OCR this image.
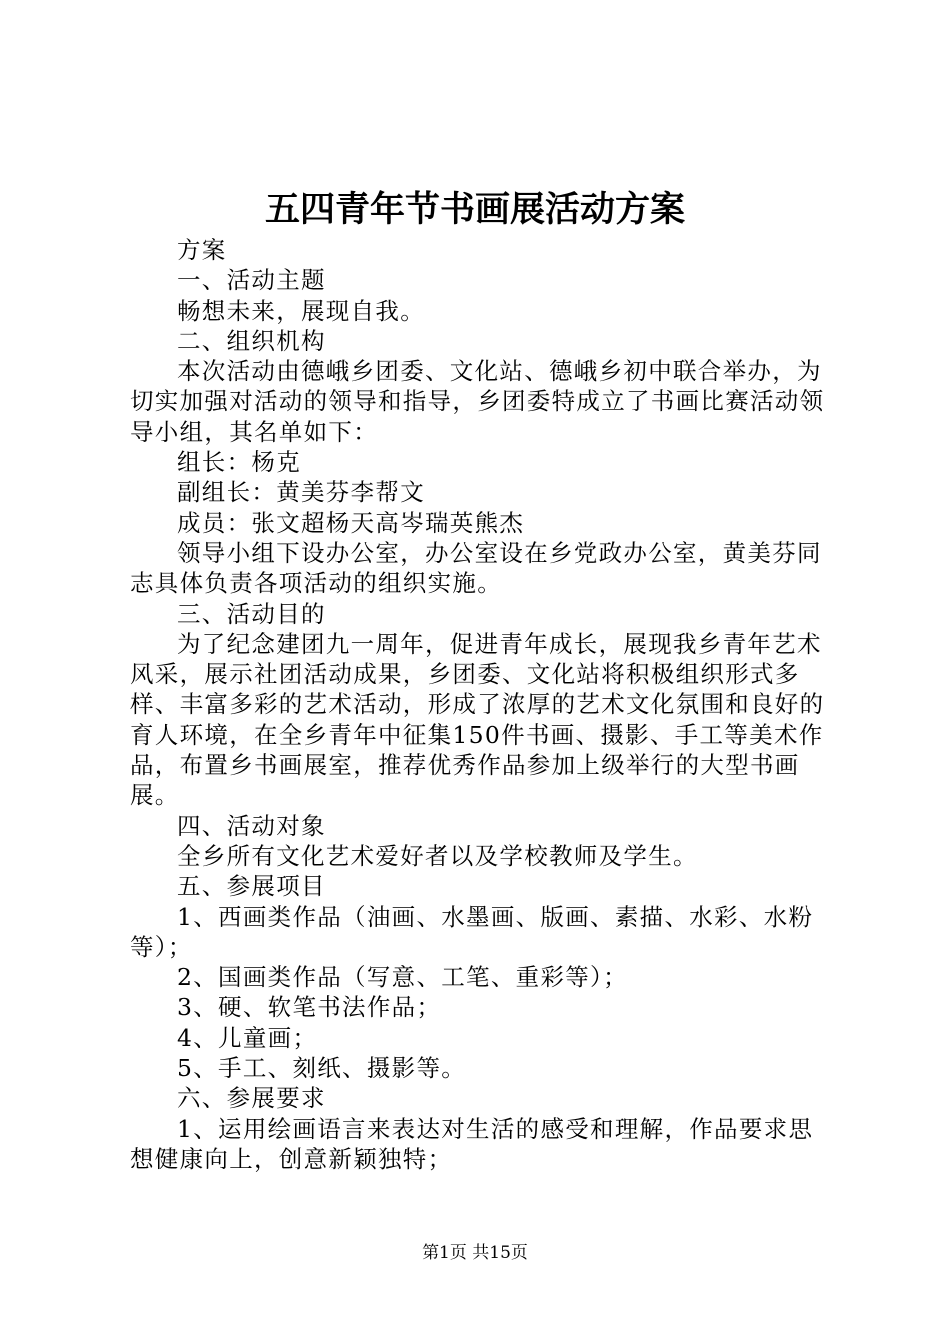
五四青年节书画展活动方案

方案

一、活动主题

畅想未来，展现自我。

二、组织机构

本次活动由德峨乡团委、文化站、德峨乡初中联合举办，为切实加强对活动的领导和指导，乡团委特成立了书画比赛活动领导小组，其名单如下：

组长：杨克

副组长：黄美芬李帮文

成员：张文超杨天高岑瑞英熊杰

领导小组下设办公室，办公室设在乡党政办公室，黄美芬同志具体负责各项活动的组织实施。

三、活动目的

为了纪念建团九一周年，促进青年成长，展现我乡青年艺术风采，展示社团活动成果，乡团委、文化站将积极组织形式多样、丰富多彩的艺术活动，形成了浓厚的艺术文化氛围和良好的育人环境，在全乡青年中征集150件书画、摄影、手工等美术作品，布置乡书画展室，推荐优秀作品参加上级举行的大型书画展。

四、活动对象

全乡所有文化艺术爱好者以及学校教师及学生。

五、参展项目

1、西画类作品（油画、水墨画、版画、素描、水彩、水粉等）；

2、国画类作品（写意、工笔、重彩等）；

3、硬、软笔书法作品；

4、儿童画；

5、手工、刻纸、摄影等。

六、参展要求

1、运用绘画语言来表达对生活的感受和理解，作品要求思想健康向上，创意新颖独特；

第1页 共15页
